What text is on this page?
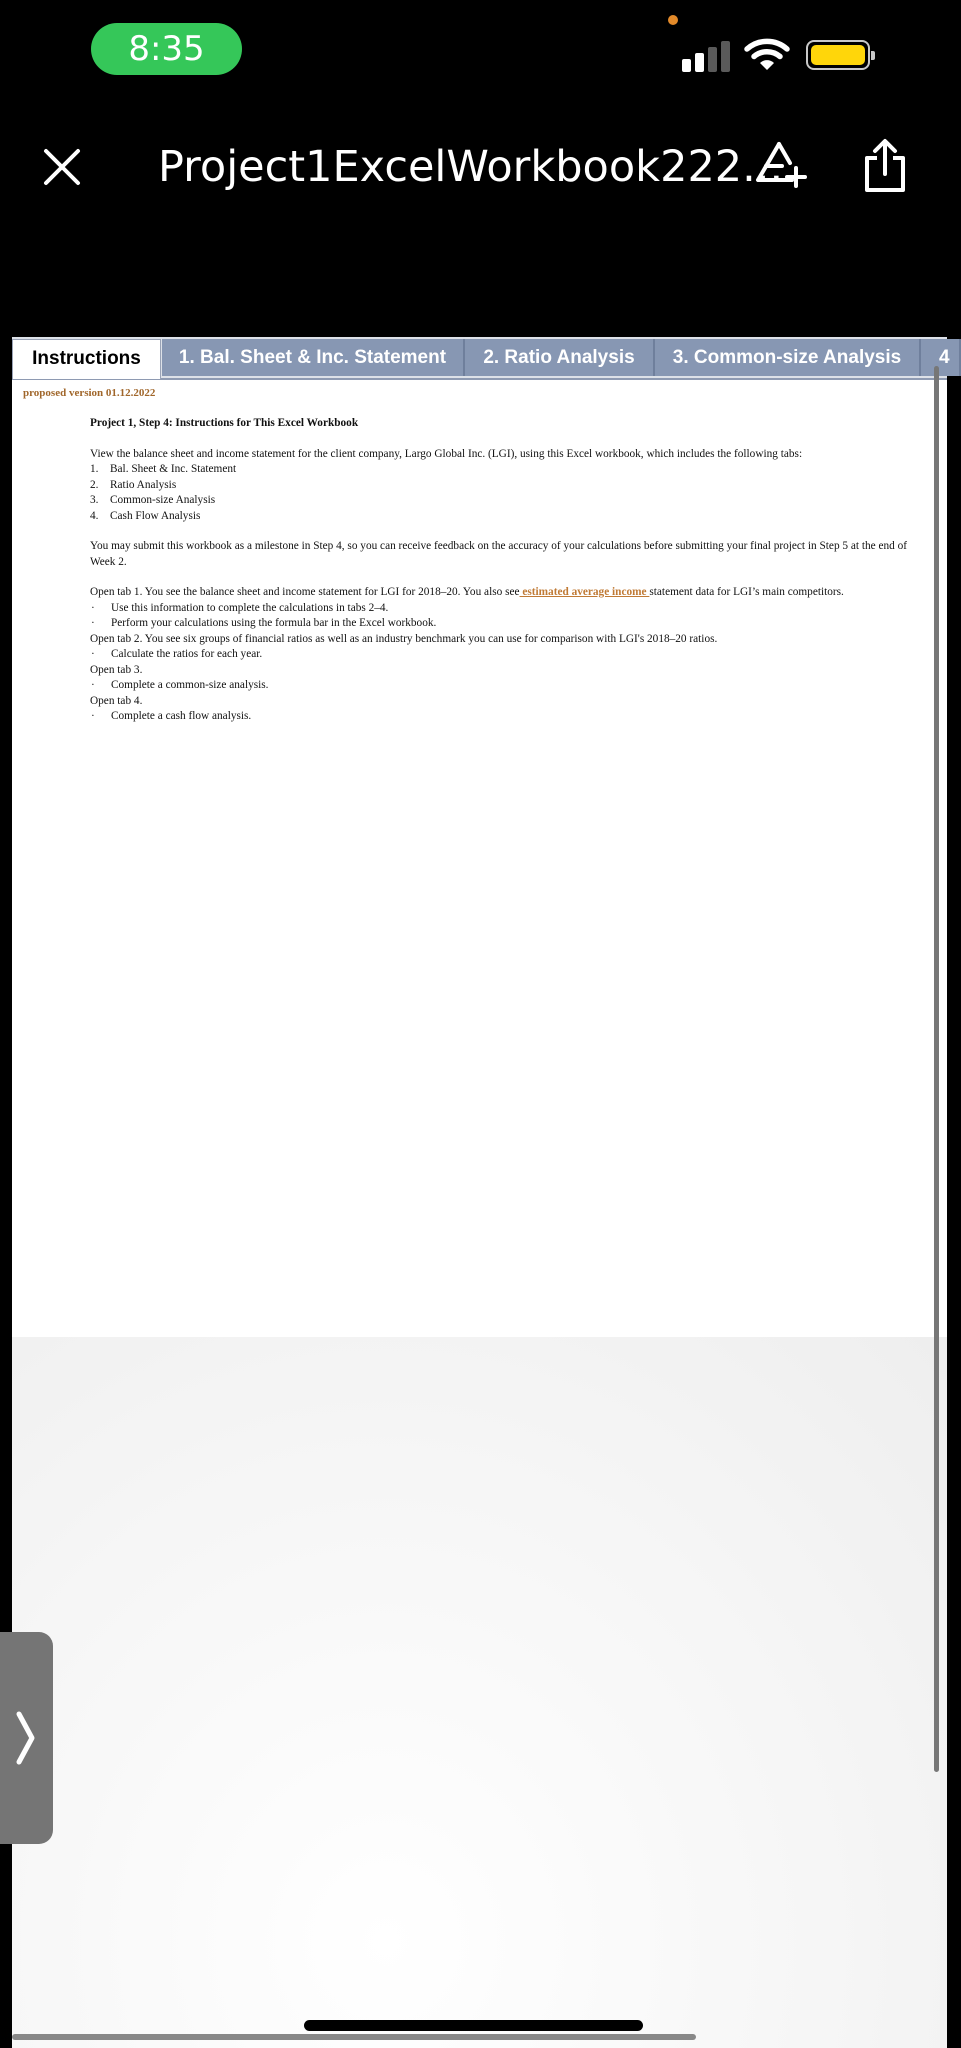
8:35
Project1ExcelWorkbook222...
Instructions	1. Bal. Sheet & Inc. Statement	2. Ratio Analysis	3. Common-size Analysis	4
proposed version 01.12.2022
Project 1, Step 4: Instructions for This Excel Workbook
View the balance sheet and income statement for the client company, Largo Global Inc. (LGI), using this Excel workbook, which includes the following tabs:
1.	Bal. Sheet & Inc. Statement
2.	Ratio Analysis
3.	Common-size Analysis
4.	Cash Flow Analysis
You may submit this workbook as a milestone in Step 4, so you can receive feedback on the accuracy of your calculations before submitting your final project in Step 5 at the end of Week 2.
Open tab 1. You see the balance sheet and income statement for LGI for 2018–20. You also see estimated average income statement data for LGI’s main competitors.
·	Use this information to complete the calculations in tabs 2–4.
·	Perform your calculations using the formula bar in the Excel workbook.
Open tab 2. You see six groups of financial ratios as well as an industry benchmark you can use for comparison with LGI's 2018–20 ratios.
·	Calculate the ratios for each year.
Open tab 3.
·	Complete a common-size analysis.
Open tab 4.
·	Complete a cash flow analysis.
